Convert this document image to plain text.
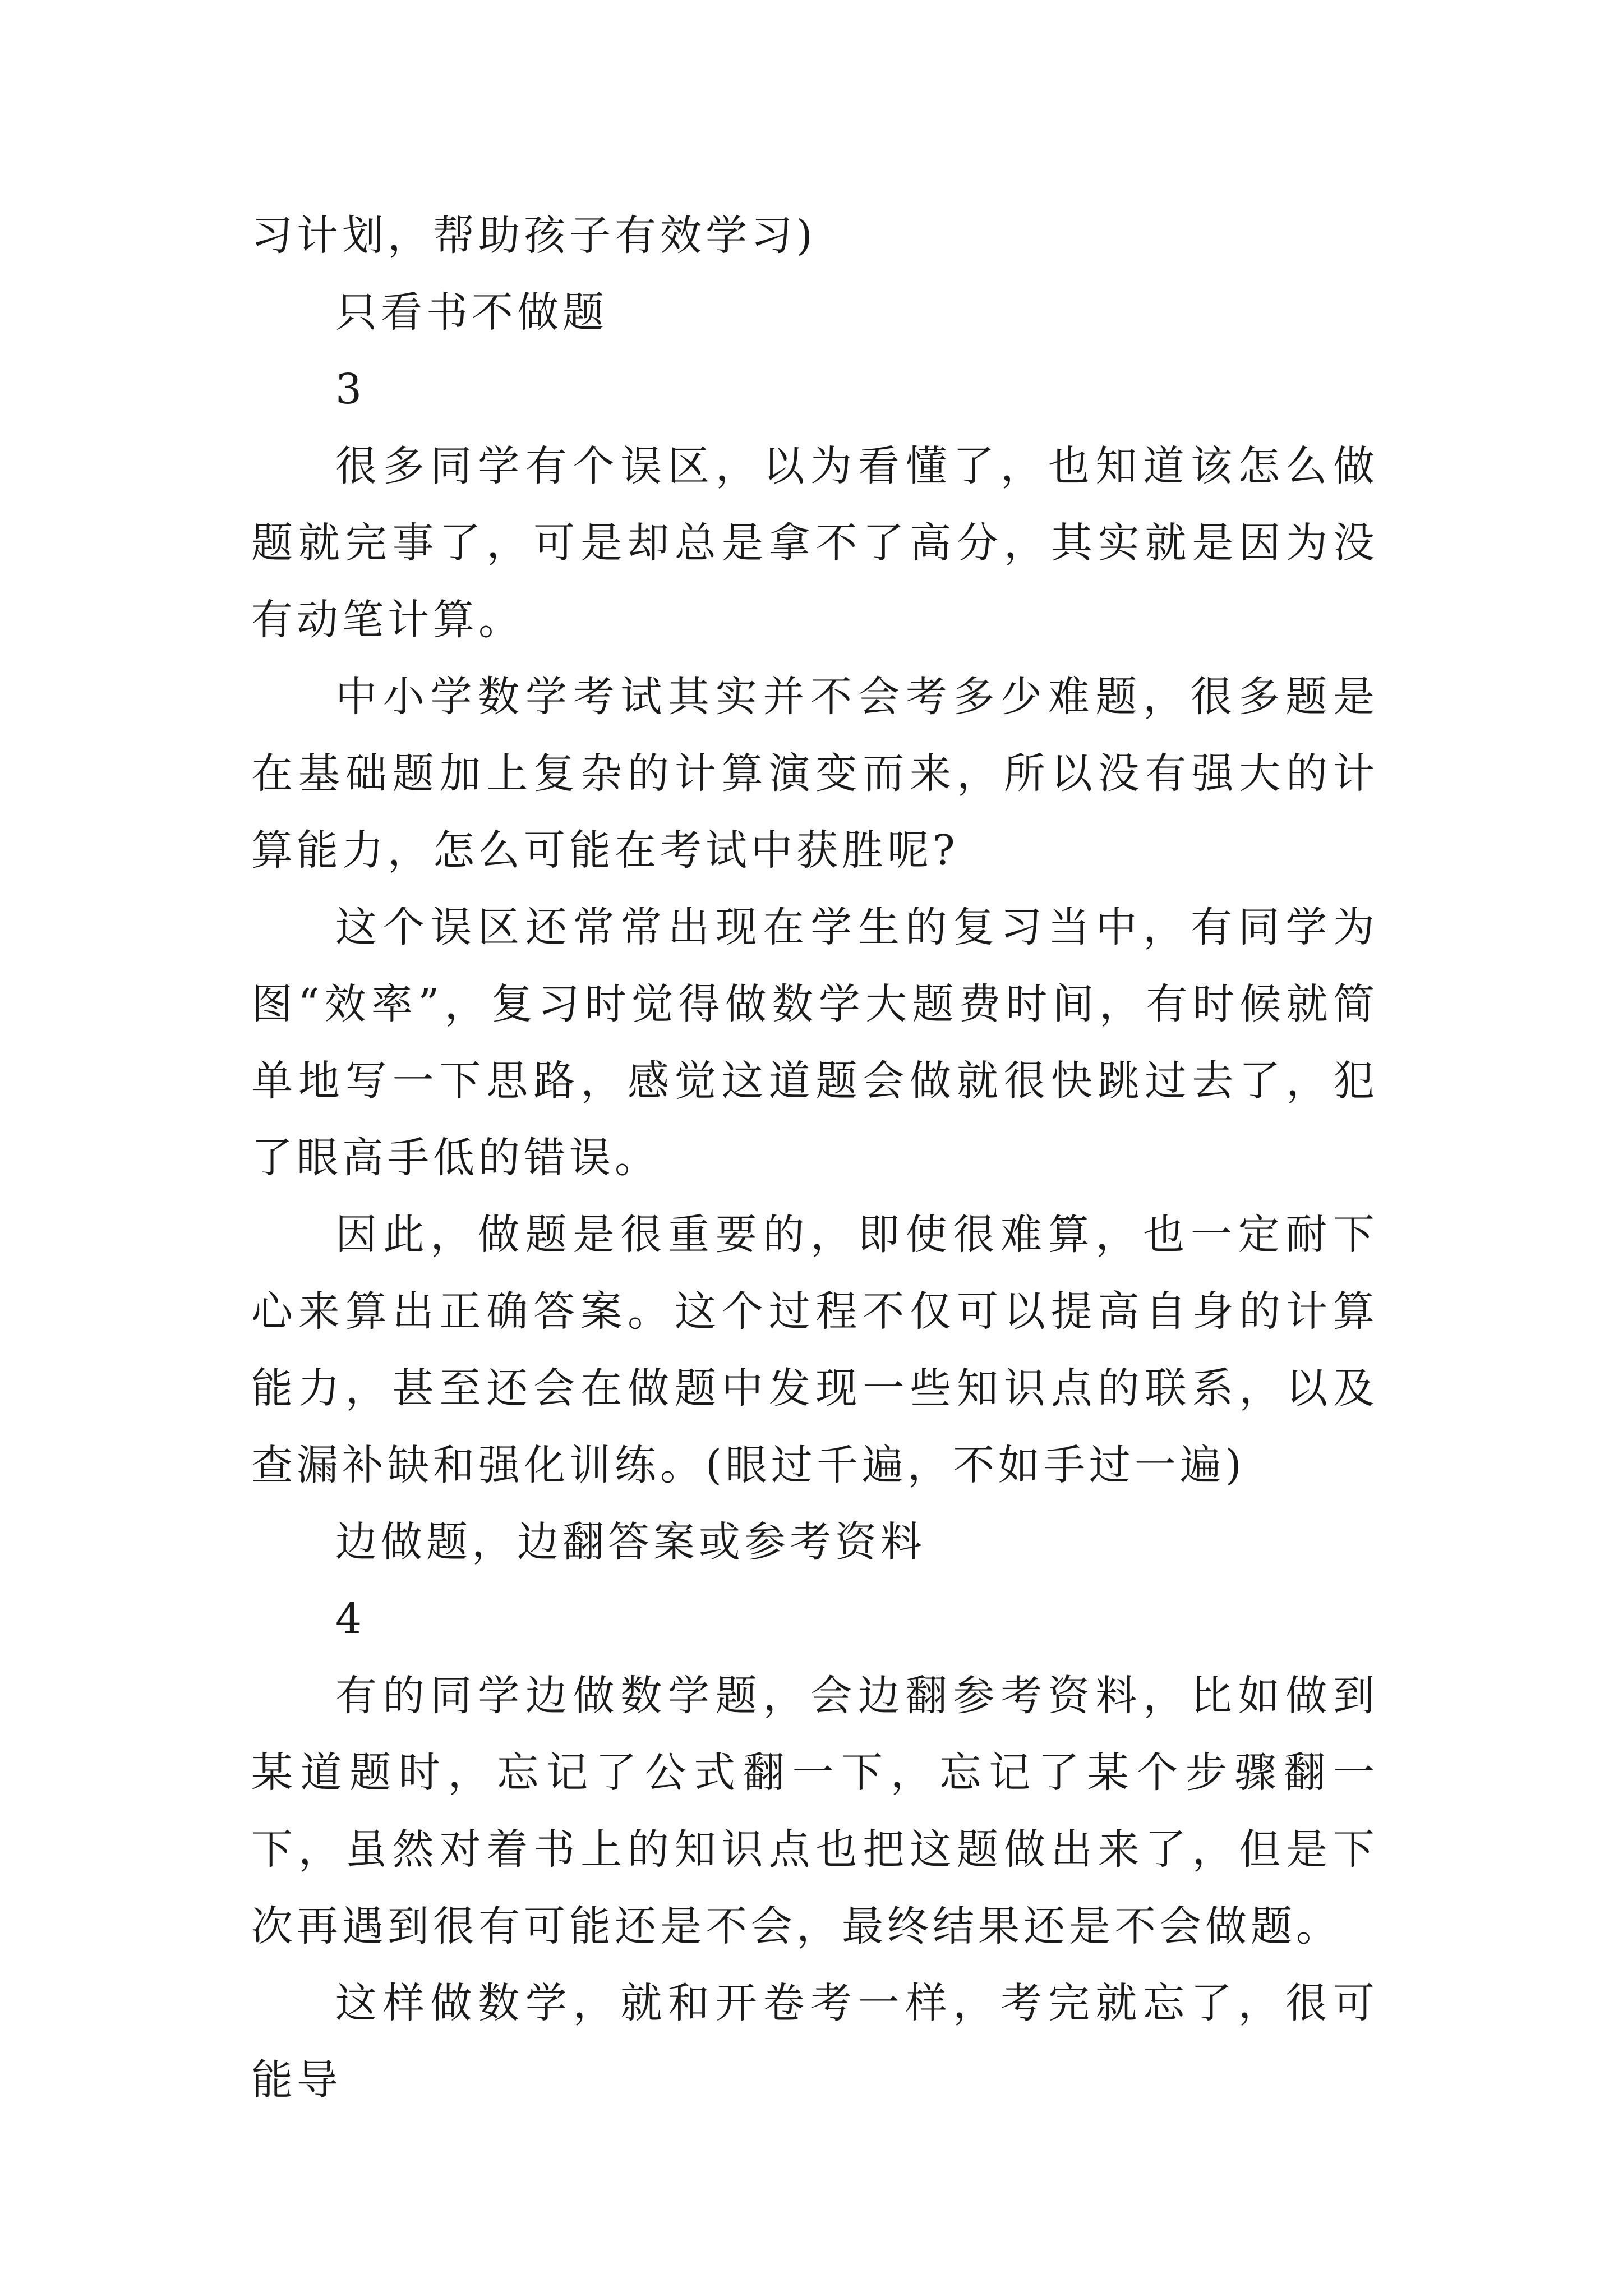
习计划，帮助孩子有效学习)

只看书不做题

3

很多同学有个误区，以为看懂了，也知道该怎么做题就完事了，可是却总是拿不了高分，其实就是因为没有动笔计算。

中小学数学考试其实并不会考多少难题，很多题是在基础题加上复杂的计算演变而来，所以没有强大的计算能力，怎么可能在考试中获胜呢?

这个误区还常常出现在学生的复习当中，有同学为图“效率”，复习时觉得做数学大题费时间，有时候就简单地写一下思路，感觉这道题会做就很快跳过去了，犯了眼高手低的错误。

因此，做题是很重要的，即使很难算，也一定耐下心来算出正确答案。这个过程不仅可以提高自身的计算能力，甚至还会在做题中发现一些知识点的联系，以及查漏补缺和强化训练。(眼过千遍，不如手过一遍)

边做题，边翻答案或参考资料

4

有的同学边做数学题，会边翻参考资料，比如做到某道题时，忘记了公式翻一下，忘记了某个步骤翻一下，虽然对着书上的知识点也把这题做出来了，但是下次再遇到很有可能还是不会，最终结果还是不会做题。

这样做数学，就和开卷考一样，考完就忘了，很可能导
